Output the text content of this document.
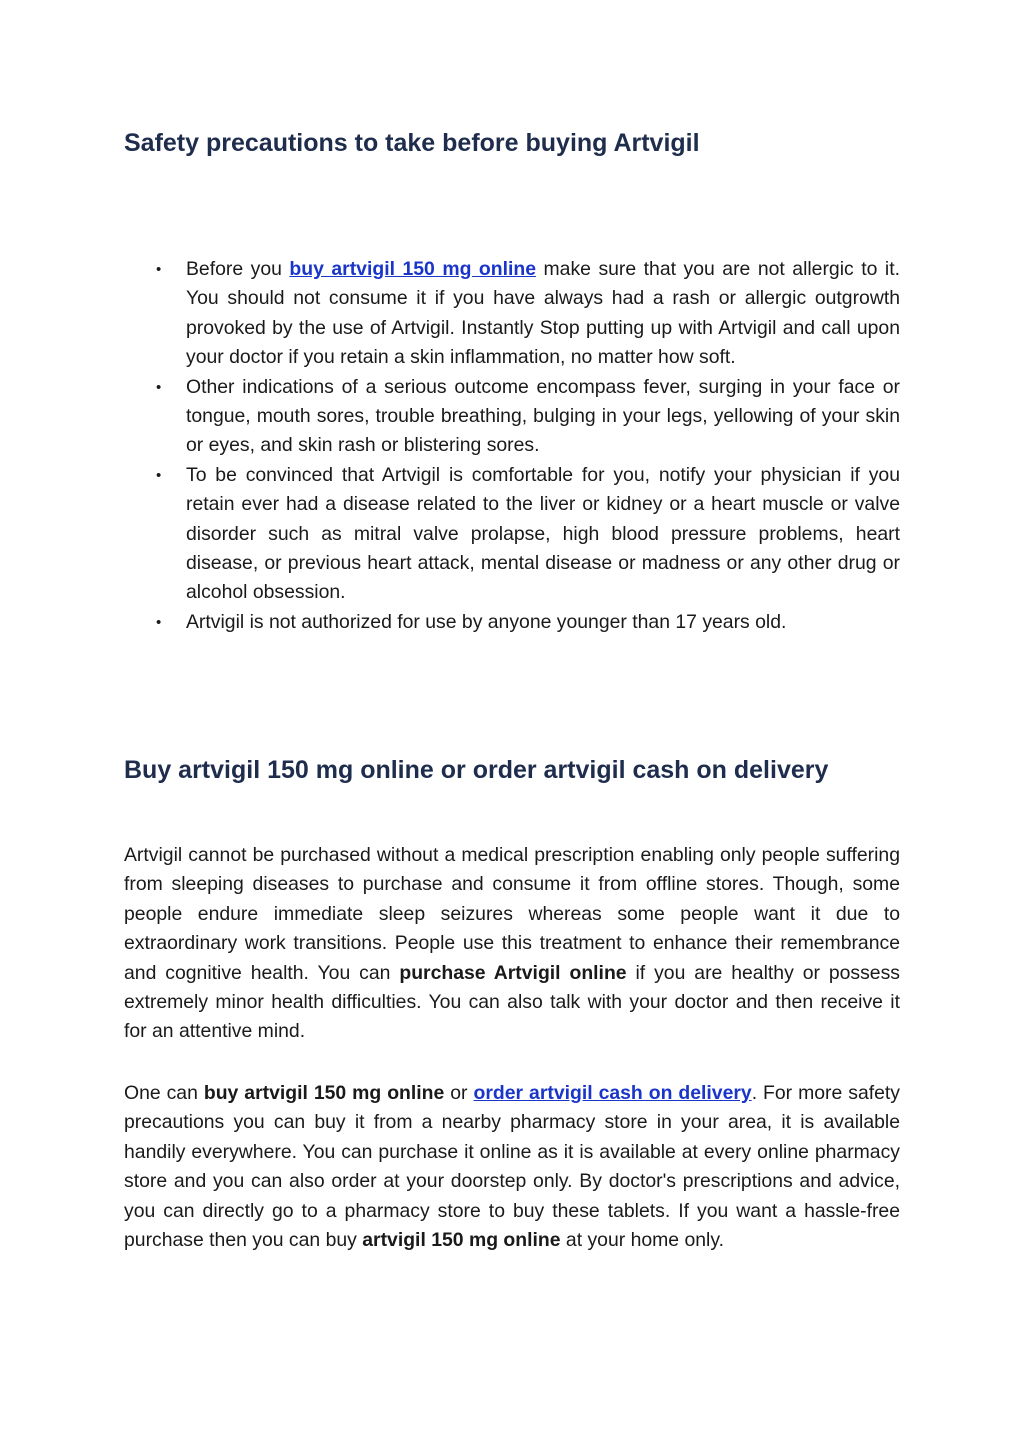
Safety precautions to take before buying Artvigil
• Before you buy artvigil 150 mg online make sure that you are not allergic to it. You should not consume it if you have always had a rash or allergic outgrowth provoked by the use of Artvigil. Instantly Stop putting up with Artvigil and call upon your doctor if you retain a skin inflammation, no matter how soft.
• Other indications of a serious outcome encompass fever, surging in your face or tongue, mouth sores, trouble breathing, bulging in your legs, yellowing of your skin or eyes, and skin rash or blistering sores.
• To be convinced that Artvigil is comfortable for you, notify your physician if you retain ever had a disease related to the liver or kidney or a heart muscle or valve disorder such as mitral valve prolapse, high blood pressure problems, heart disease, or previous heart attack, mental disease or madness or any other drug or alcohol obsession.
• Artvigil is not authorized for use by anyone younger than 17 years old.
Buy artvigil 150 mg online or order artvigil cash on delivery

Artvigil cannot be purchased without a medical prescription enabling only people suffering from sleeping diseases to purchase and consume it from offline stores. Though, some people endure immediate sleep seizures whereas some people want it due to extraordinary work transitions. People use this treatment to enhance their remembrance and cognitive health. You can purchase Artvigil online if you are healthy or possess extremely minor health difficulties. You can also talk with your doctor and then receive it for an attentive mind.

One can buy artvigil 150 mg online or order artvigil cash on delivery. For more safety precautions you can buy it from a nearby pharmacy store in your area, it is available handily everywhere. You can purchase it online as it is available at every online pharmacy store and you can also order at your doorstep only. By doctor's prescriptions and advice, you can directly go to a pharmacy store to buy these tablets. If you want a hassle-free purchase then you can buy artvigil 150 mg online at your home only.
